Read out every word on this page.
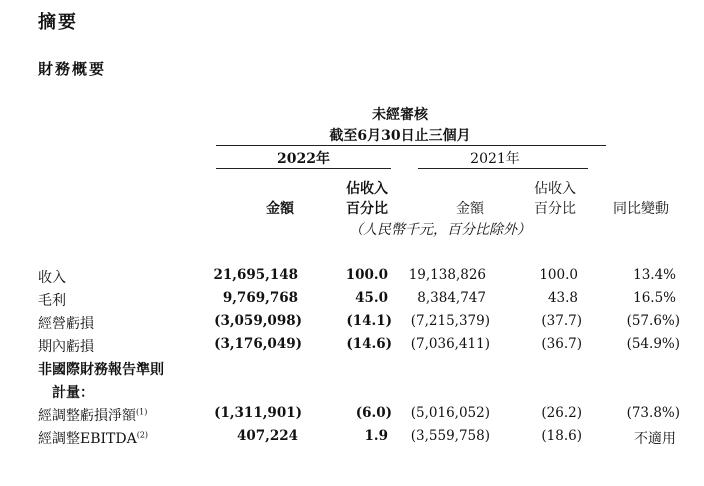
摘要
財務概要
未經審核
截至6月30日止三個月
2022年	2021年
佔收入	佔收入
金額	百分比	金額	百分比	同比變動
（人民幣千元，百分比除外）
收入	21,695,148	100.0	19,138,826	100.0	13.4%
毛利	9,769,768	45.0	8,384,747	43.8	16.5%
經營虧損	(3,059,098)	(14.1)	(7,215,379)	(37.7)	(57.6%)
期內虧損	(3,176,049)	(14.6)	(7,036,411)	(36.7)	(54.9%)
非國際財務報告準則
計量：
經調整虧損淨額$^{(1)}$	(1,311,901)	(6.0)	(5,016,052)	(26.2)	(73.8%)
經調整EBITDA$^{(2)}$	407,224	1.9	(3,559,758)	(18.6)	不適用
